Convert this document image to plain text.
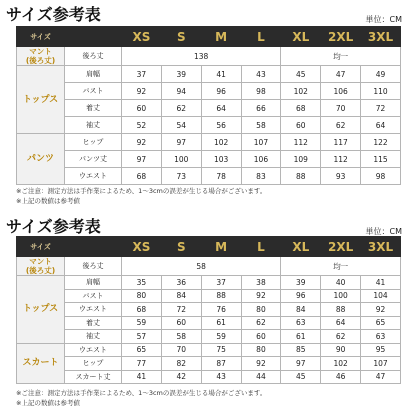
サイズ参考表	単位：CM
サイズ		XS	S	M	L	XL	2XL	3XL
マント
(後ろ丈)	後ろ丈	138				均一		
トップス	肩幅	37	39	41	43	45	47	49
	バスト	92	94	96	98	102	106	110
	着丈	60	62	64	66	68	70	72
	袖丈	52	54	56	58	60	62	64
パンツ	ヒップ	92	97	102	107	112	117	122
	パンツ丈	97	100	103	106	109	112	115
	ウエスト	68	73	78	83	88	93	98
※ご注意：測定方法は手作業によるため、1～3cmの誤差が生じる場合がございます。
※上記の数値は参考値
サイズ参考表	単位：CM
サイズ		XS	S	M	L	XL	2XL	3XL
マント
(後ろ丈)	後ろ丈	58				均一		
トップス	肩幅	35	36	37	38	39	40	41
	バスト	80	84	88	92	96	100	104
	ウエスト	68	72	76	80	84	88	92
	着丈	59	60	61	62	63	64	65
	袖丈	57	58	59	60	61	62	63
スカート	ウエスト	65	70	75	80	85	90	95
	ヒップ	77	82	87	92	97	102	107
	スカート丈	41	42	43	44	45	46	47
※ご注意：測定方法は手作業によるため、1～3cmの誤差が生じる場合がございます。
※上記の数値は参考値
